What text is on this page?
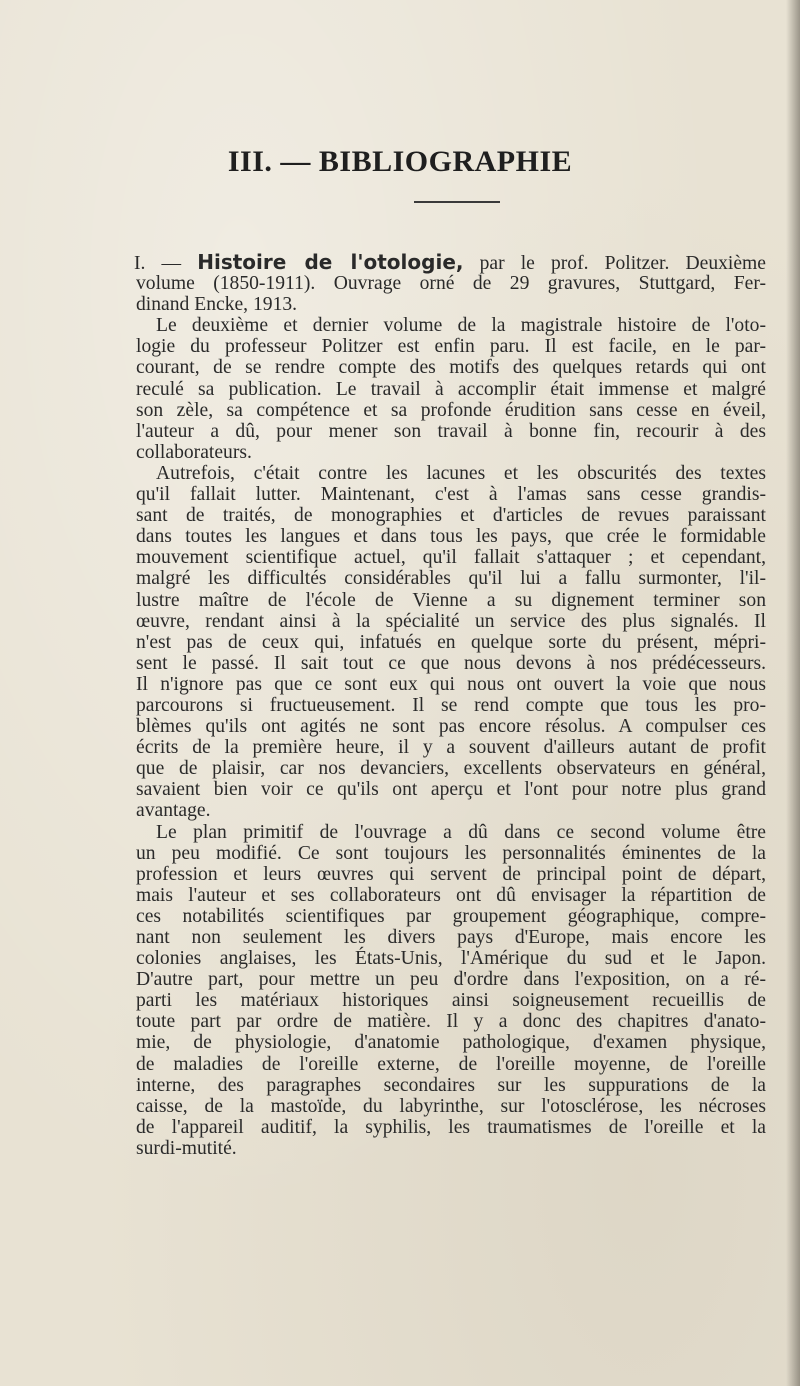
III. — BIBLIOGRAPHIE
I. — Histoire de l'otologie, par le prof. Politzer. Deuxième
volume (1850-1911). Ouvrage orné de 29 gravures, Stuttgard, Fer-
dinand Encke, 1913.
Le deuxième et dernier volume de la magistrale histoire de l'oto-
logie du professeur Politzer est enfin paru. Il est facile, en le par-
courant, de se rendre compte des motifs des quelques retards qui ont
reculé sa publication. Le travail à accomplir était immense et malgré
son zèle, sa compétence et sa profonde érudition sans cesse en éveil,
l'auteur a dû, pour mener son travail à bonne fin, recourir à des
collaborateurs.
Autrefois, c'était contre les lacunes et les obscurités des textes
qu'il fallait lutter. Maintenant, c'est à l'amas sans cesse grandis-
sant de traités, de monographies et d'articles de revues paraissant
dans toutes les langues et dans tous les pays, que crée le formidable
mouvement scientifique actuel, qu'il fallait s'attaquer ; et cependant,
malgré les difficultés considérables qu'il lui a fallu surmonter, l'il-
lustre maître de l'école de Vienne a su dignement terminer son
œuvre, rendant ainsi à la spécialité un service des plus signalés. Il
n'est pas de ceux qui, infatués en quelque sorte du présent, mépri-
sent le passé. Il sait tout ce que nous devons à nos prédécesseurs.
Il n'ignore pas que ce sont eux qui nous ont ouvert la voie que nous
parcourons si fructueusement. Il se rend compte que tous les pro-
blèmes qu'ils ont agités ne sont pas encore résolus. A compulser ces
écrits de la première heure, il y a souvent d'ailleurs autant de profit
que de plaisir, car nos devanciers, excellents observateurs en général,
savaient bien voir ce qu'ils ont aperçu et l'ont pour notre plus grand
avantage.
Le plan primitif de l'ouvrage a dû dans ce second volume être
un peu modifié. Ce sont toujours les personnalités éminentes de la
profession et leurs œuvres qui servent de principal point de départ,
mais l'auteur et ses collaborateurs ont dû envisager la répartition de
ces notabilités scientifiques par groupement géographique, compre-
nant non seulement les divers pays d'Europe, mais encore les
colonies anglaises, les États-Unis, l'Amérique du sud et le Japon.
D'autre part, pour mettre un peu d'ordre dans l'exposition, on a ré-
parti les matériaux historiques ainsi soigneusement recueillis de
toute part par ordre de matière. Il y a donc des chapitres d'anato-
mie, de physiologie, d'anatomie pathologique, d'examen physique,
de maladies de l'oreille externe, de l'oreille moyenne, de l'oreille
interne, des paragraphes secondaires sur les suppurations de la
caisse, de la mastoïde, du labyrinthe, sur l'otosclérose, les nécroses
de l'appareil auditif, la syphilis, les traumatismes de l'oreille et la
surdi-mutité.
